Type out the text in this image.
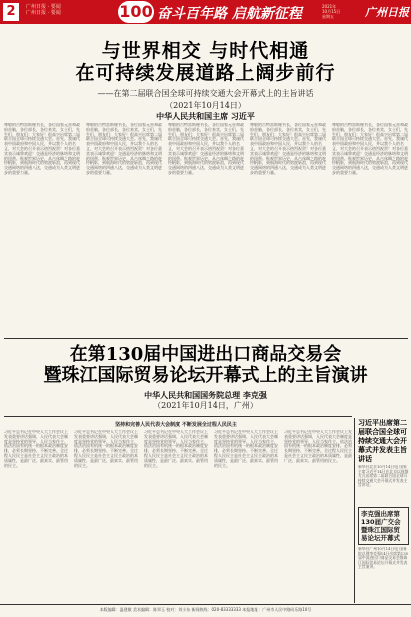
2	广州日报 · 要闻
广州日报 · 要闻	100 奋斗百年路 启航新征程	2021年
10月15日
星期五	广州日报
与世界相交 与时代相通
在可持续发展道路上阔步前行
——在第二届联合国全球可持续交通大会开幕式上的主旨讲话
（2021年10月14日）
中华人民共和国主席 习近平
尊敬的古特雷斯秘书长，各位国家元首和政府首脑，各位部长，各位来宾，女士们，先生们，朋友们：大家好！很高兴出席第二届联合国全球可持续交通大会。首先，我谨代表中国政府和中国人民，并以我个人的名义，对大会的召开表示热烈祝贺！对各位嘉宾表示诚挚欢迎！交通是经济的脉络和文明的纽带。纵观世界历史，从古丝绸之路的驼铃帆影，到航海时代的劈波斩浪，再到现代交通网络的四通八达，交通成为人类文明进步的重要力量。
尊敬的古特雷斯秘书长，各位国家元首和政府首脑，各位部长，各位来宾，女士们，先生们，朋友们：大家好！很高兴出席第二届联合国全球可持续交通大会。首先，我谨代表中国政府和中国人民，并以我个人的名义，对大会的召开表示热烈祝贺！对各位嘉宾表示诚挚欢迎！交通是经济的脉络和文明的纽带。纵观世界历史，从古丝绸之路的驼铃帆影，到航海时代的劈波斩浪，再到现代交通网络的四通八达，交通成为人类文明进步的重要力量。
尊敬的古特雷斯秘书长，各位国家元首和政府首脑，各位部长，各位来宾，女士们，先生们，朋友们：大家好！很高兴出席第二届联合国全球可持续交通大会。首先，我谨代表中国政府和中国人民，并以我个人的名义，对大会的召开表示热烈祝贺！对各位嘉宾表示诚挚欢迎！交通是经济的脉络和文明的纽带。纵观世界历史，从古丝绸之路的驼铃帆影，到航海时代的劈波斩浪，再到现代交通网络的四通八达，交通成为人类文明进步的重要力量。
尊敬的古特雷斯秘书长，各位国家元首和政府首脑，各位部长，各位来宾，女士们，先生们，朋友们：大家好！很高兴出席第二届联合国全球可持续交通大会。首先，我谨代表中国政府和中国人民，并以我个人的名义，对大会的召开表示热烈祝贺！对各位嘉宾表示诚挚欢迎！交通是经济的脉络和文明的纽带。纵观世界历史，从古丝绸之路的驼铃帆影，到航海时代的劈波斩浪，再到现代交通网络的四通八达，交通成为人类文明进步的重要力量。
尊敬的古特雷斯秘书长，各位国家元首和政府首脑，各位部长，各位来宾，女士们，先生们，朋友们：大家好！很高兴出席第二届联合国全球可持续交通大会。首先，我谨代表中国政府和中国人民，并以我个人的名义，对大会的召开表示热烈祝贺！对各位嘉宾表示诚挚欢迎！交通是经济的脉络和文明的纽带。纵观世界历史，从古丝绸之路的驼铃帆影，到航海时代的劈波斩浪，再到现代交通网络的四通八达，交通成为人类文明进步的重要力量。
在第130届中国进出口商品交易会
暨珠江国际贸易论坛开幕式上的主旨演讲
中华人民共和国国务院总理 李克强
（2021年10月14日，广州）
坚持和完善人民代表大会制度 不断发展全过程人民民主
习近平总书记在中央人大工作会议上发表重要讲话强调，人民代表大会制度是坚持党的领导、人民当家作主、依法治国有机统一的根本政治制度安排，必须长期坚持、不断完善。全过程人民民主是社会主义民主政治的本质属性，是最广泛、最真实、最管用的民主。
习近平总书记在中央人大工作会议上发表重要讲话强调，人民代表大会制度是坚持党的领导、人民当家作主、依法治国有机统一的根本政治制度安排，必须长期坚持、不断完善。全过程人民民主是社会主义民主政治的本质属性，是最广泛、最真实、最管用的民主。
习近平总书记在中央人大工作会议上发表重要讲话强调，人民代表大会制度是坚持党的领导、人民当家作主、依法治国有机统一的根本政治制度安排，必须长期坚持、不断完善。全过程人民民主是社会主义民主政治的本质属性，是最广泛、最真实、最管用的民主。
习近平总书记在中央人大工作会议上发表重要讲话强调，人民代表大会制度是坚持党的领导、人民当家作主、依法治国有机统一的根本政治制度安排，必须长期坚持、不断完善。全过程人民民主是社会主义民主政治的本质属性，是最广泛、最真实、最管用的民主。
习近平总书记在中央人大工作会议上发表重要讲话强调，人民代表大会制度是坚持党的领导、人民当家作主、依法治国有机统一的根本政治制度安排，必须长期坚持、不断完善。全过程人民民主是社会主义民主政治的本质属性，是最广泛、最真实、最管用的民主。
习近平出席第二届联合国全球可持续交通大会开幕式并发表主旨讲话
新华社北京10月14日电 国家主席习近平14日在北京以视频方式出席第二届联合国全球可持续交通大会开幕式并发表主旨讲话。
李克强出席第130届广交会暨珠江国际贸易论坛开幕式
新华社广州10月14日电 国务院总理李克强14日出席第130届中国进出口商品交易会暨珠江国际贸易论坛开幕式并发表主旨演讲。
本版编辑：温建敏 美术编辑：陈翠玉 校对：刘小东 新闻热线：020-83333333 本报地址：广州市人民中路同乐路10号
